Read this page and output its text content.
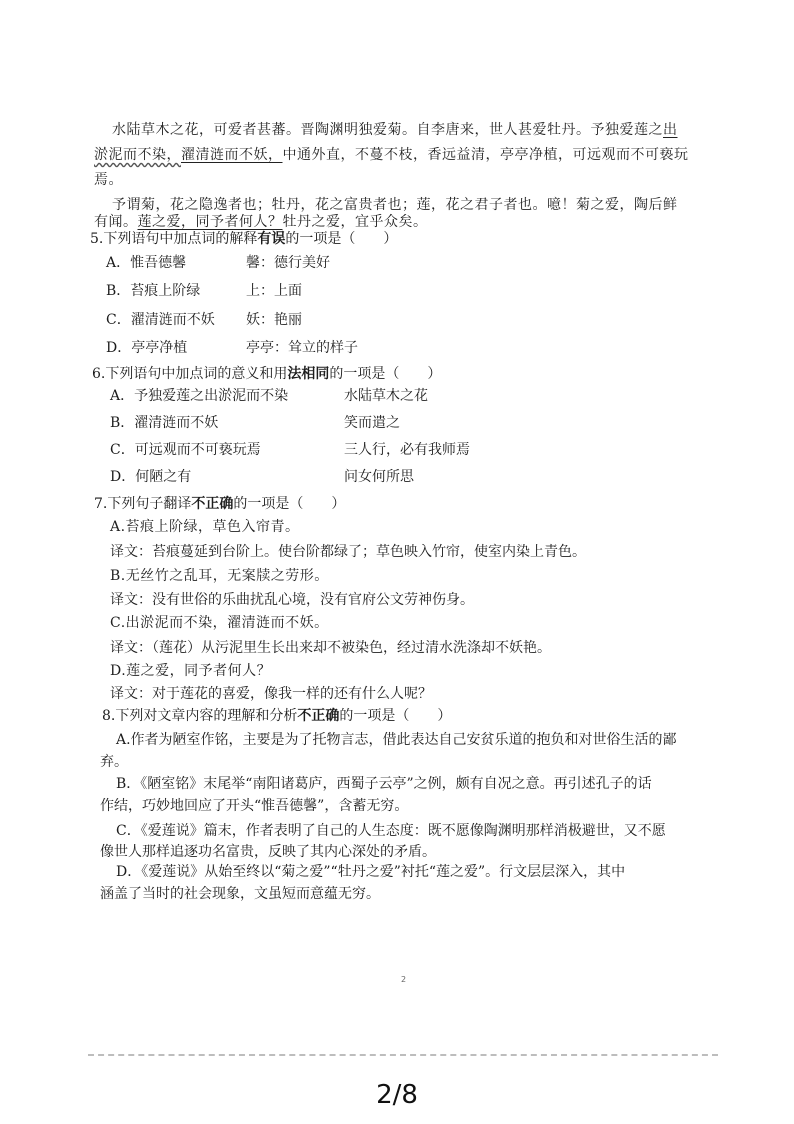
水陆草木之花，可爱者甚蕃。晋陶渊明独爱菊。自李唐来，世人甚爱牡丹。予独爱莲之出
淤泥而不染，濯清涟而不妖，中通外直，不蔓不枝，香远益清，亭亭净植，可远观而不可亵玩
焉。
予谓菊，花之隐逸者也；牡丹，花之富贵者也；莲，花之君子者也。噫！菊之爱，陶后鲜
有闻。莲之爱，同予者何人？牡丹之爱，宜乎众矣。
5.下列语句中加点词的解释有误的一项是（　　）
A．惟吾德馨	馨：德行美好
B．苔痕上阶绿	上：上面
C．濯清涟而不妖 妖：艳丽
D．亭亭净植	亭亭：耸立的样子
6.下列语句中加点词的意义和用法相同的一项是（　　）
A．予独爱莲之出淤泥而不染	水陆草木之花
B．濯清涟而不妖	笑而遣之
C．可远观而不可亵玩焉	三人行，必有我师焉
D．何陋之有	问女何所思
7.下列句子翻译不正确的一项是（　　）
A.苔痕上阶绿，草色入帘青。
译文：苔痕蔓延到台阶上。使台阶都绿了；草色映入竹帘，使室内染上青色。
B.无丝竹之乱耳，无案牍之劳形。
译文：没有世俗的乐曲扰乱心境，没有官府公文劳神伤身。
C.出淤泥而不染，濯清涟而不妖。
译文：（莲花）从污泥里生长出来却不被染色，经过清水洗涤却不妖艳。
D.莲之爱，同予者何人？
译文：对于莲花的喜爱，像我一样的还有什么人呢？
8.下列对文章内容的理解和分析不正确的一项是（　　）
A.作者为陋室作铭，主要是为了托物言志，借此表达自己安贫乐道的抱负和对世俗生活的鄙
弃。
B．《陋室铭》末尾举“南阳诸葛庐，西蜀子云亭”之例，颇有自况之意。再引述孔子的话
作结，巧妙地回应了开头“惟吾德馨”，含蓄无穷。
C．《爱莲说》篇末，作者表明了自己的人生态度：既不愿像陶渊明那样消极避世，又不愿
像世人那样追逐功名富贵，反映了其内心深处的矛盾。
D．《爱莲说》从始至终以“菊之爱”“牡丹之爱”衬托“莲之爱”。行文层层深入，其中
涵盖了当时的社会现象，文虽短而意蕴无穷。
2
2/8
